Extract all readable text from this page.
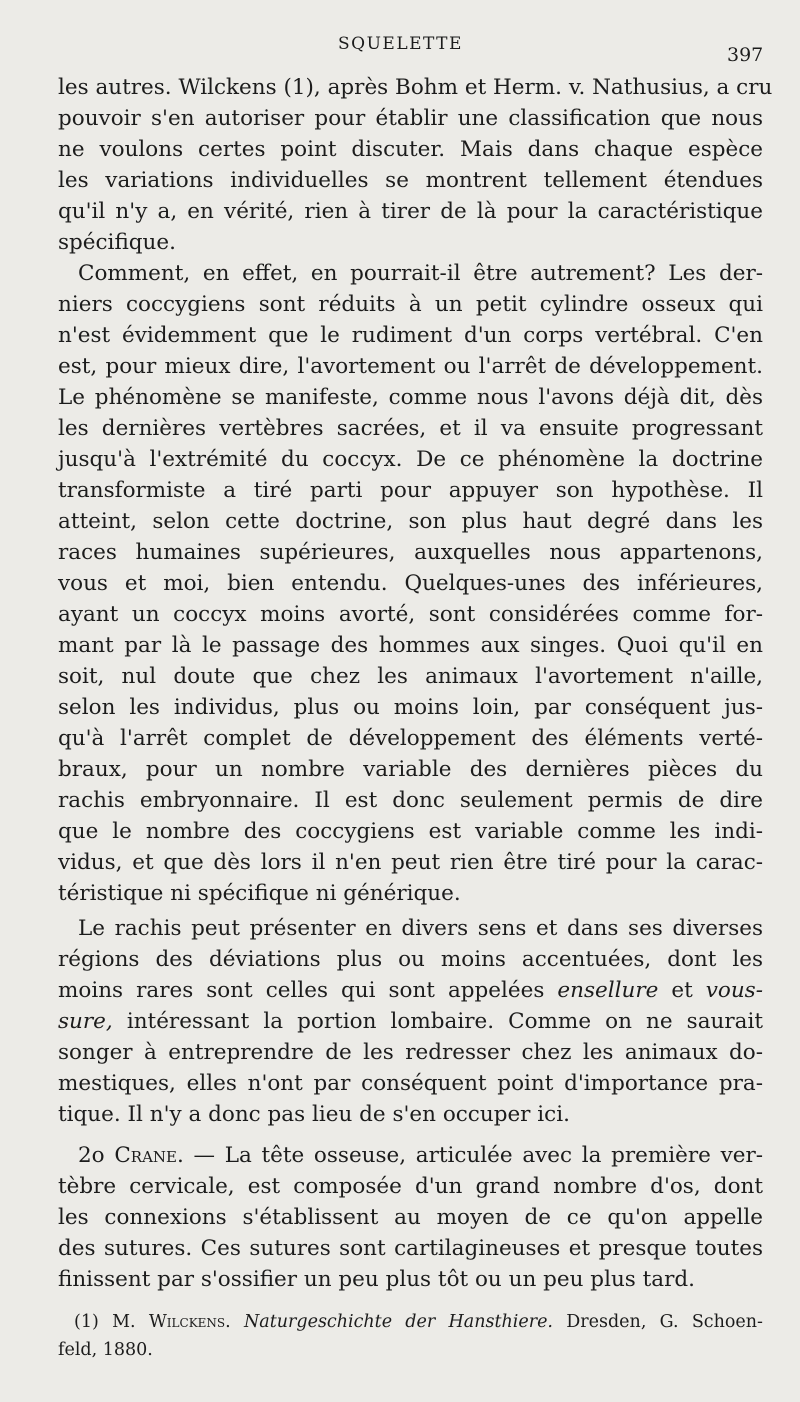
SQUELETTE	397

les autres. Wilckens (1), après Bohm et Herm. v. Nathusius, a cru
pouvoir s'en autoriser pour établir une classification que nous
ne voulons certes point discuter. Mais dans chaque espèce
les variations individuelles se montrent tellement étendues
qu'il n'y a, en vérité, rien à tirer de là pour la caractéristique
spécifique.

Comment, en effet, en pourrait-il être autrement? Les der-
niers coccygiens sont réduits à un petit cylindre osseux qui
n'est évidemment que le rudiment d'un corps vertébral. C'en
est, pour mieux dire, l'avortement ou l'arrêt de développement.
Le phénomène se manifeste, comme nous l'avons déjà dit, dès
les dernières vertèbres sacrées, et il va ensuite progressant
jusqu'à l'extrémité du coccyx. De ce phénomène la doctrine
transformiste a tiré parti pour appuyer son hypothèse. Il
atteint, selon cette doctrine, son plus haut degré dans les
races humaines supérieures, auxquelles nous appartenons,
vous et moi, bien entendu. Quelques-unes des inférieures,
ayant un coccyx moins avorté, sont considérées comme for-
mant par là le passage des hommes aux singes. Quoi qu'il en
soit, nul doute que chez les animaux l'avortement n'aille,
selon les individus, plus ou moins loin, par conséquent jus-
qu'à l'arrêt complet de développement des éléments verté-
braux, pour un nombre variable des dernières pièces du
rachis embryonnaire. Il est donc seulement permis de dire
que le nombre des coccygiens est variable comme les indi-
vidus, et que dès lors il n'en peut rien être tiré pour la carac-
téristique ni spécifique ni générique.

Le rachis peut présenter en divers sens et dans ses diverses
régions des déviations plus ou moins accentuées, dont les
moins rares sont celles qui sont appelées ensellure et vous-
sure, intéressant la portion lombaire. Comme on ne saurait
songer à entreprendre de les redresser chez les animaux do-
mestiques, elles n'ont par conséquent point d'importance pra-
tique. Il n'y a donc pas lieu de s'en occuper ici.

2o Crane. — La tête osseuse, articulée avec la première ver-
tèbre cervicale, est composée d'un grand nombre d'os, dont
les connexions s'établissent au moyen de ce qu'on appelle
des sutures. Ces sutures sont cartilagineuses et presque toutes
finissent par s'ossifier un peu plus tôt ou un peu plus tard.

(1) M. Wilckens. Naturgeschichte der Hansthiere. Dresden, G. Schoen-
feld, 1880.
